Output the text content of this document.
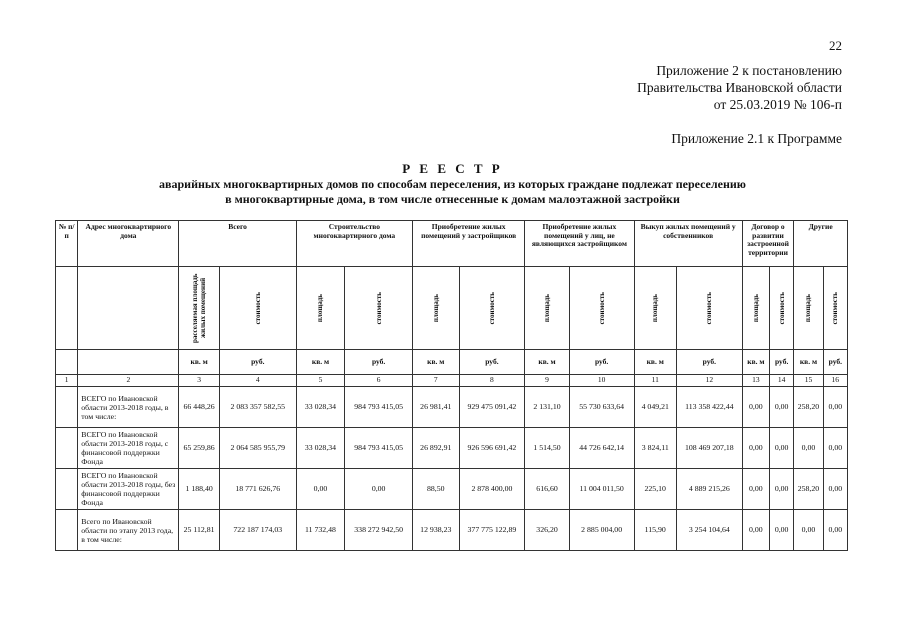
22
Приложение 2 к постановлению
Правительства Ивановской области
от 25.03.2019 № 106-п
Приложение 2.1 к Программе
Р Е Е С Т Р
аварийных многоквартирных домов по способам переселения, из которых граждане подлежат переселению
в многоквартирные дома, в том числе отнесенные к домам малоэтажной застройки
№ п/п	Адрес многоквартирного дома	Всего		Строительство многоквартирного дома		Приобретение жилых помещений у застройщиков		Приобретение жилых помещений у лиц, не являющихся застройщиком		Выкуп жилых помещений у собственников		Договор о развитии застроенной территории		Другие	

		расселяемая площадь жилых помещений	стоимость	площадь	стоимость	площадь	стоимость	площадь	стоимость	площадь	стоимость	площадь	стоимость	площадь	стоимость

		кв. м	руб.	кв. м	руб.	кв. м	руб.	кв. м	руб.	кв. м	руб.	кв. м	руб.	кв. м	руб.
1	2	3	4	5	6	7	8	9	10	11	12	13	14	15	16
	ВСЕГО по Ивановской области 2013-2018 годы, в том числе:	66 448,26	2 083 357 582,55	33 028,34	984 793 415,05	26 981,41	929 475 091,42	2 131,10	55 730 633,64	4 049,21	113 358 422,44	0,00	0,00	258,20	0,00
	ВСЕГО по Ивановской области 2013-2018 годы, с финансовой поддержки Фонда	65 259,86	2 064 585 955,79	33 028,34	984 793 415,05	26 892,91	926 596 691,42	1 514,50	44 726 642,14	3 824,11	108 469 207,18	0,00	0,00	0,00	0,00
	ВСЕГО по Ивановской области 2013-2018 годы, без финансовой поддержки Фонда	1 188,40	18 771 626,76	0,00	0,00	88,50	2 878 400,00	616,60	11 004 011,50	225,10	4 889 215,26	0,00	0,00	258,20	0,00
	Всего по Ивановской области по этапу 2013 года, в том числе:	25 112,81	722 187 174,03	11 732,48	338 272 942,50	12 938,23	377 775 122,89	326,20	2 885 004,00	115,90	3 254 104,64	0,00	0,00	0,00	0,00
